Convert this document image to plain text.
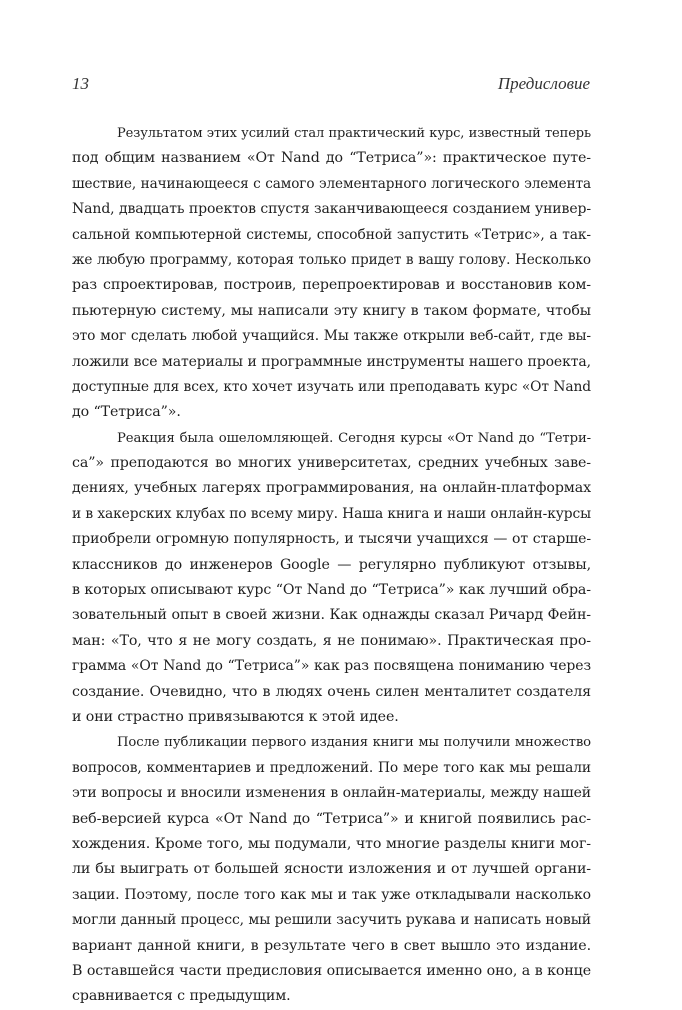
13	Предисловие
Результатом этих усилий стал практический курс, известный теперь
под общим названием «От Nand до “Тетриса”»: практическое путе-
шествие, начинающееся с самого элементарного логического элемента
Nand, двадцать проектов спустя заканчивающееся созданием универ-
сальной компьютерной системы, способной запустить «Тетрис», а так-
же любую программу, которая только придет в вашу голову. Несколько
раз спроектировав, построив, перепроектировав и восстановив ком-
пьютерную систему, мы написали эту книгу в таком формате, чтобы
это мог сделать любой учащийся. Мы также открыли веб-сайт, где вы-
ложили все материалы и программные инструменты нашего проекта,
доступные для всех, кто хочет изучать или преподавать курс «От Nand
до “Тетриса”».
Реакция была ошеломляющей. Сегодня курсы «От Nand до “Тетри-
са”» преподаются во многих университетах, средних учебных заве-
дениях, учебных лагерях программирования, на онлайн-платформах
и в хакерских клубах по всему миру. Наша книга и наши онлайн-курсы
приобрели огромную популярность, и тысячи учащихся — от старше-
классников до инженеров Google — регулярно публикуют отзывы,
в которых описывают курс “От Nand до “Тетриса”» как лучший обра-
зовательный опыт в своей жизни. Как однажды сказал Ричард Фейн-
ман: «То, что я не могу создать, я не понимаю». Практическая про-
грамма «От Nand до “Тетриса”» как раз посвящена пониманию через
создание. Очевидно, что в людях очень силен менталитет создателя
и они страстно привязываются к этой идее.
После публикации первого издания книги мы получили множество
вопросов, комментариев и предложений. По мере того как мы решали
эти вопросы и вносили изменения в онлайн-материалы, между нашей
веб-версией курса «От Nand до “Тетриса”» и книгой появились рас-
хождения. Кроме того, мы подумали, что многие разделы книги мог-
ли бы выиграть от большей ясности изложения и от лучшей органи-
зации. Поэтому, после того как мы и так уже откладывали насколько
могли данный процесс, мы решили засучить рукава и написать новый
вариант данной книги, в результате чего в свет вышло это издание.
В оставшейся части предисловия описывается именно оно, а в конце
сравнивается с предыдущим.
